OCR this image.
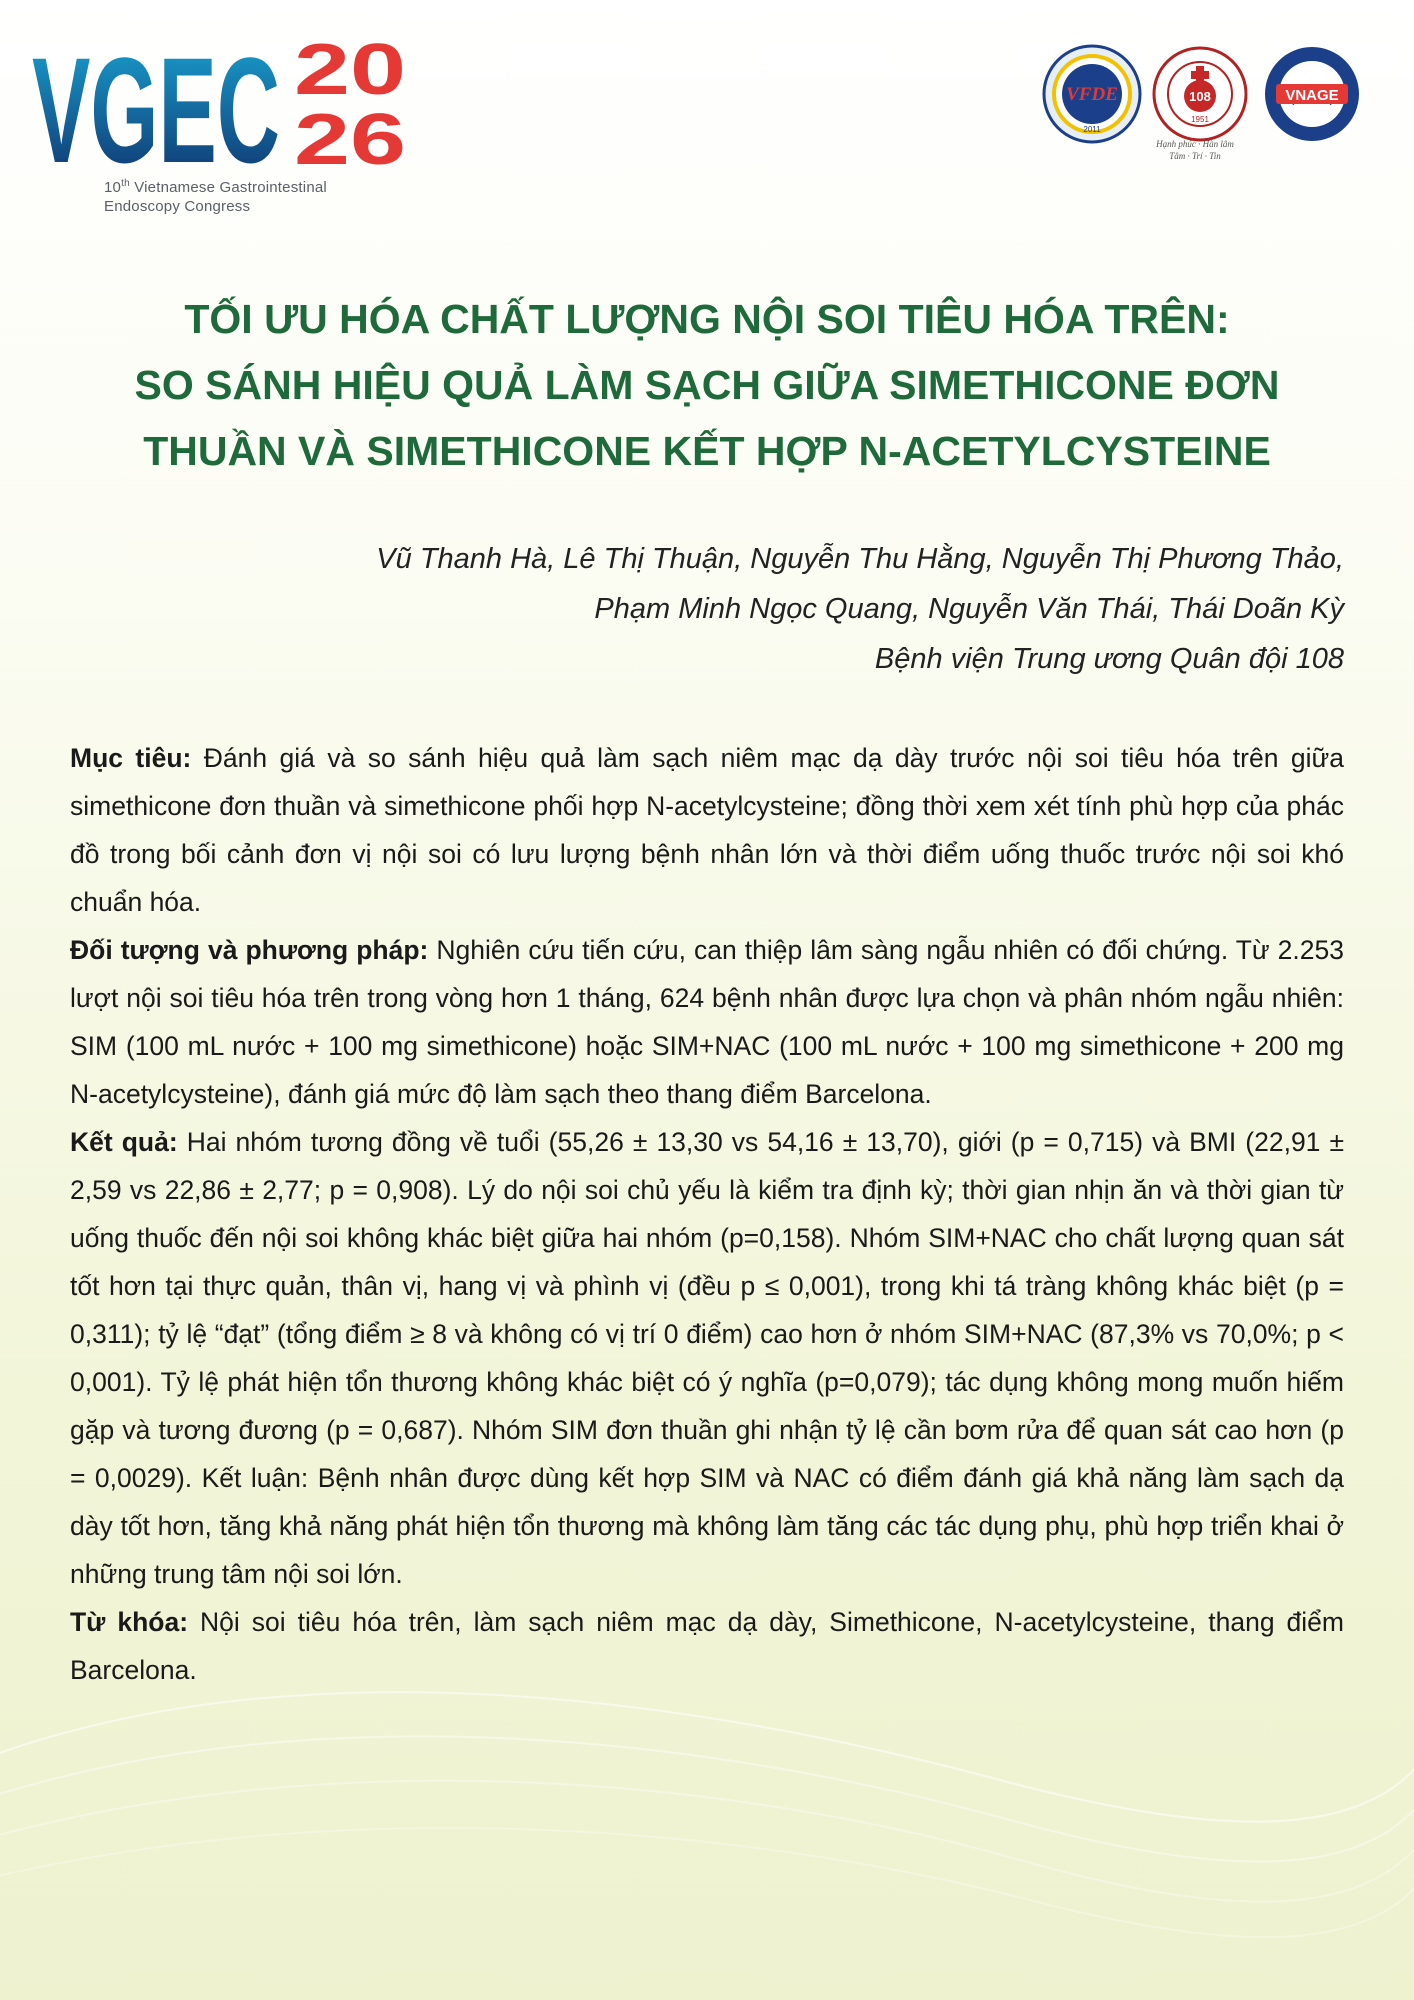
VGEC 20
26
10th Vietnamese Gastrointestinal
Endoscopy Congress
VFDE
2011
108
1951
Hạnh phúc · Hàn lâm
Tâm · Trí · Tin
VNAGE
TỐI ƯU HÓA CHẤT LƯỢNG NỘI SOI TIÊU HÓA TRÊN:
SO SÁNH HIỆU QUẢ LÀM SẠCH GIỮA SIMETHICONE ĐƠN
THUẦN VÀ SIMETHICONE KẾT HỢP N-ACETYLCYSTEINE
Vũ Thanh Hà, Lê Thị Thuận, Nguyễn Thu Hằng, Nguyễn Thị Phương Thảo,
Phạm Minh Ngọc Quang, Nguyễn Văn Thái, Thái Doãn Kỳ
Bệnh viện Trung ương Quân đội 108

Mục tiêu: Đánh giá và so sánh hiệu quả làm sạch niêm mạc dạ dày trước nội soi tiêu hóa trên giữa simethicone đơn thuần và simethicone phối hợp N-acetylcysteine; đồng thời xem xét tính phù hợp của phác đồ trong bối cảnh đơn vị nội soi có lưu lượng bệnh nhân lớn và thời điểm uống thuốc trước nội soi khó chuẩn hóa.

Đối tượng và phương pháp: Nghiên cứu tiến cứu, can thiệp lâm sàng ngẫu nhiên có đối chứng. Từ 2.253 lượt nội soi tiêu hóa trên trong vòng hơn 1 tháng, 624 bệnh nhân được lựa chọn và phân nhóm ngẫu nhiên: SIM (100 mL nước + 100 mg simethicone) hoặc SIM+NAC (100 mL nước + 100 mg simethicone + 200 mg N-acetylcysteine), đánh giá mức độ làm sạch theo thang điểm Barcelona.

Kết quả: Hai nhóm tương đồng về tuổi (55,26 ± 13,30 vs 54,16 ± 13,70), giới (p = 0,715) và BMI (22,91 ± 2,59 vs 22,86 ± 2,77; p = 0,908). Lý do nội soi chủ yếu là kiểm tra định kỳ; thời gian nhịn ăn và thời gian từ uống thuốc đến nội soi không khác biệt giữa hai nhóm (p=0,158). Nhóm SIM+NAC cho chất lượng quan sát tốt hơn tại thực quản, thân vị, hang vị và phình vị (đều p ≤ 0,001), trong khi tá tràng không khác biệt (p = 0,311); tỷ lệ “đạt” (tổng điểm ≥ 8 và không có vị trí 0 điểm) cao hơn ở nhóm SIM+NAC (87,3% vs 70,0%; p < 0,001). Tỷ lệ phát hiện tổn thương không khác biệt có ý nghĩa (p=0,079); tác dụng không mong muốn hiếm gặp và tương đương (p = 0,687). Nhóm SIM đơn thuần ghi nhận tỷ lệ cần bơm rửa để quan sát cao hơn (p = 0,0029). Kết luận: Bệnh nhân được dùng kết hợp SIM và NAC có điểm đánh giá khả năng làm sạch dạ dày tốt hơn, tăng khả năng phát hiện tổn thương mà không làm tăng các tác dụng phụ, phù hợp triển khai ở những trung tâm nội soi lớn.

Từ khóa: Nội soi tiêu hóa trên, làm sạch niêm mạc dạ dày, Simethicone, N-acetylcysteine, thang điểm Barcelona.
